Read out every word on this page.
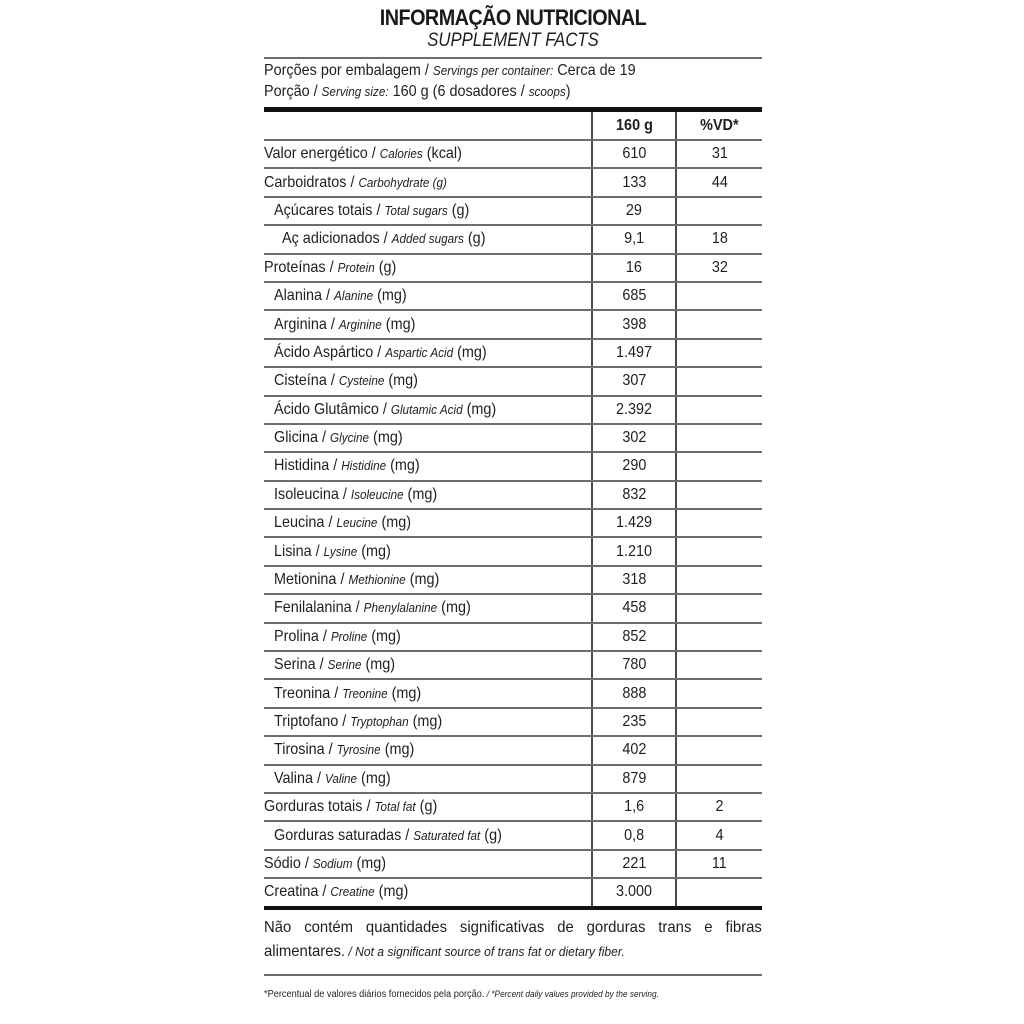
INFORMAÇÃO NUTRICIONAL
SUPPLEMENT FACTS
Porções por embalagem / Servings per container: Cerca de 19
Porção / Serving size: 160 g (6 dosadores / scoops)
	160 g	%VD*
Valor energético / Calories (kcal)	610	31
Carboidratos / Carbohydrate (g)	133	44
Açúcares totais / Total sugars (g)	29	
Aç adicionados / Added sugars (g)	9,1	18
Proteínas / Protein (g)	16	32
Alanina / Alanine (mg)	685	
Arginina / Arginine (mg)	398	
Ácido Aspártico / Aspartic Acid (mg)	1.497	
Cisteína / Cysteine (mg)	307	
Ácido Glutâmico / Glutamic Acid (mg)	2.392	
Glicina / Glycine (mg)	302	
Histidina / Histidine (mg)	290	
Isoleucina / Isoleucine (mg)	832	
Leucina / Leucine (mg)	1.429	
Lisina / Lysine (mg)	1.210	
Metionina / Methionine (mg)	318	
Fenilalanina / Phenylalanine (mg)	458	
Prolina / Proline (mg)	852	
Serina / Serine (mg)	780	
Treonina / Treonine (mg)	888	
Triptofano / Tryptophan (mg)	235	
Tirosina / Tyrosine (mg)	402	
Valina / Valine (mg)	879	
Gorduras totais / Total fat (g)	1,6	2
Gorduras saturadas / Saturated fat (g)	0,8	4
Sódio / Sodium (mg)	221	11
Creatina / Creatine (mg)	3.000	
Não contém quantidades significativas de gorduras trans e fibras alimentares. / Not a significant source of trans fat or dietary fiber.
*Percentual de valores diários fornecidos pela porção. / *Percent daily values provided by the serving.
